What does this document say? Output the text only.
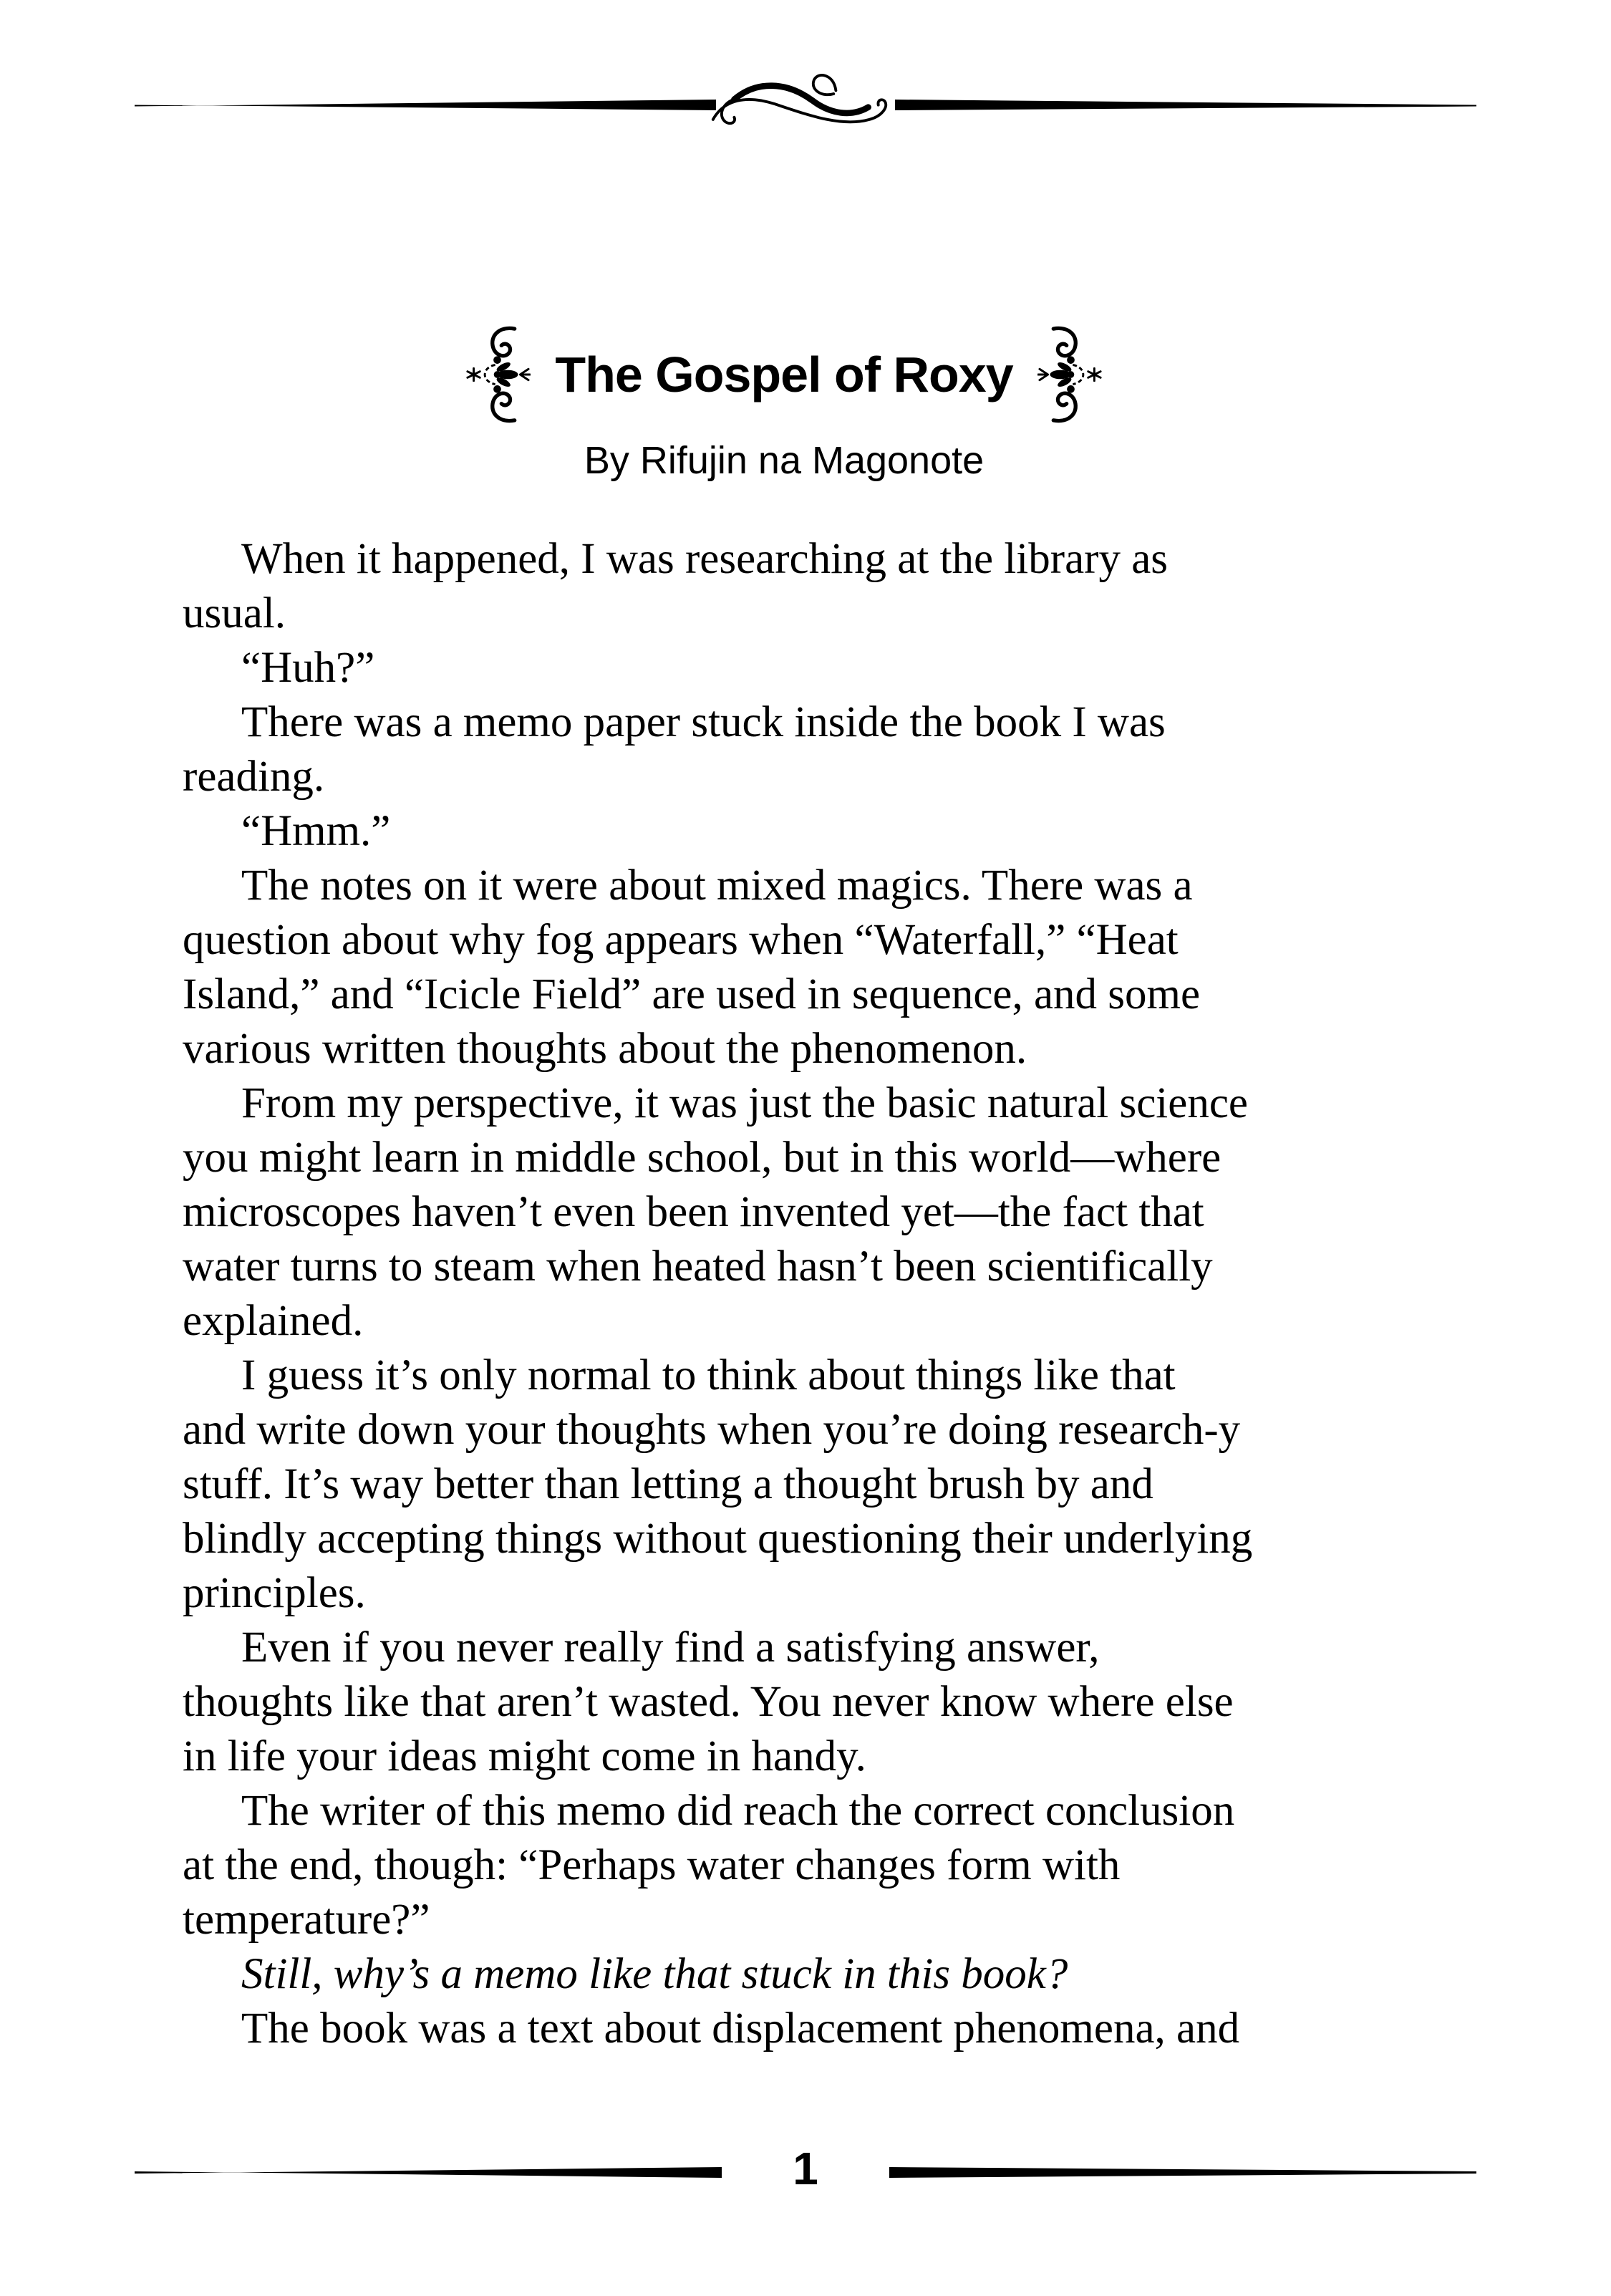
The Gospel of Roxy
By Rifujin na Magonote

When it happened, I was researching at the library as
usual.

“Huh?”

There was a memo paper stuck inside the book I was
reading.

“Hmm.”

The notes on it were about mixed magics. There was a
question about why fog appears when “Waterfall,” “Heat
Island,” and “Icicle Field” are used in sequence, and some
various written thoughts about the phenomenon.

From my perspective, it was just the basic natural science
you might learn in middle school, but in this world—where
microscopes haven’t even been invented yet—the fact that
water turns to steam when heated hasn’t been scientifically
explained.

I guess it’s only normal to think about things like that
and write down your thoughts when you’re doing research-y
stuff. It’s way better than letting a thought brush by and
blindly accepting things without questioning their underlying
principles.

Even if you never really find a satisfying answer,
thoughts like that aren’t wasted. You never know where else
in life your ideas might come in handy.

The writer of this memo did reach the correct conclusion
at the end, though: “Perhaps water changes form with
temperature?”

Still, why’s a memo like that stuck in this book?

The book was a text about displacement phenomena, and

1
